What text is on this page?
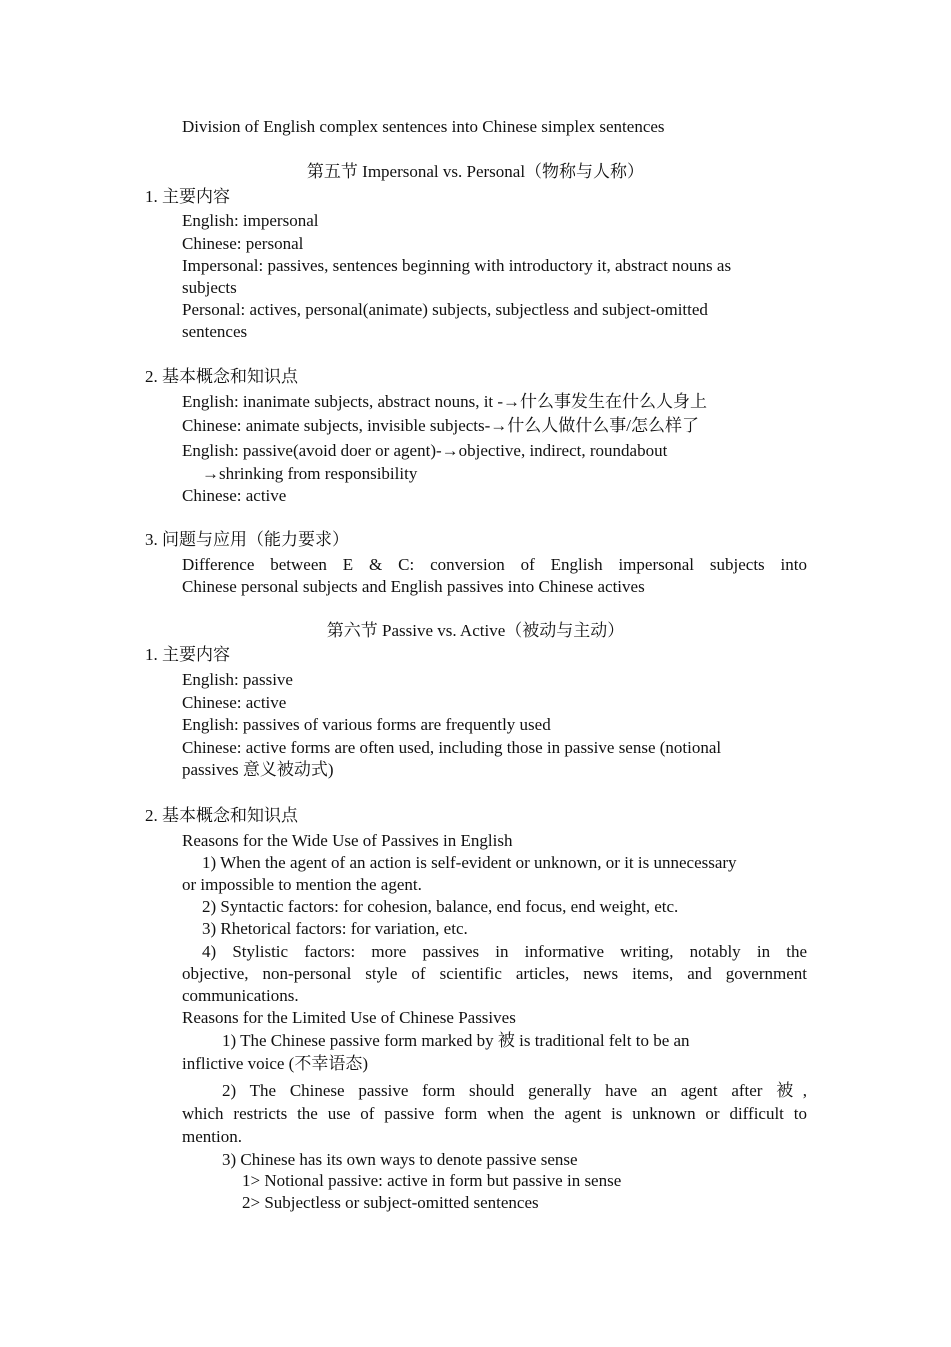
Division of English complex sentences into Chinese simplex sentences
第五节 Impersonal vs. Personal（物称与人称）
1. 主要内容
English: impersonal
Chinese: personal
Impersonal: passives, sentences beginning with introductory it, abstract nouns as
subjects
Personal: actives, personal(animate) subjects, subjectless and subject-omitted
sentences
2. 基本概念和知识点
English: inanimate subjects, abstract nouns, it -→什么事发生在什么人身上
Chinese: animate subjects, invisible subjects-→什么人做什么事/怎么样了
English: passive(avoid doer or agent)-→objective, indirect, roundabout
→shrinking from responsibility
Chinese: active
3. 问题与应用（能力要求）
Difference between E & C: conversion of English impersonal subjects into
Chinese personal subjects and English passives into Chinese actives
第六节 Passive vs. Active（被动与主动）
1. 主要内容
English: passive
Chinese: active
English: passives of various forms are frequently used
Chinese: active forms are often used, including those in passive sense (notional
passives 意义被动式)
2. 基本概念和知识点
Reasons for the Wide Use of Passives in English
1) When the agent of an action is self-evident or unknown, or it is unnecessary
or impossible to mention the agent.
2) Syntactic factors: for cohesion, balance, end focus, end weight, etc.
3) Rhetorical factors: for variation, etc.
4) Stylistic factors: more passives in informative writing, notably in the
objective, non-personal style of scientific articles, news items, and government
communications.
Reasons for the Limited Use of Chinese Passives
1) The Chinese passive form marked by 被 is traditional felt to be an
inflictive voice (不幸语态)
2) The Chinese passive form should generally have an agent after 被,
which restricts the use of passive form when the agent is unknown or difficult to
mention.
3) Chinese has its own ways to denote passive sense
1> Notional passive: active in form but passive in sense
2> Subjectless or subject-omitted sentences
